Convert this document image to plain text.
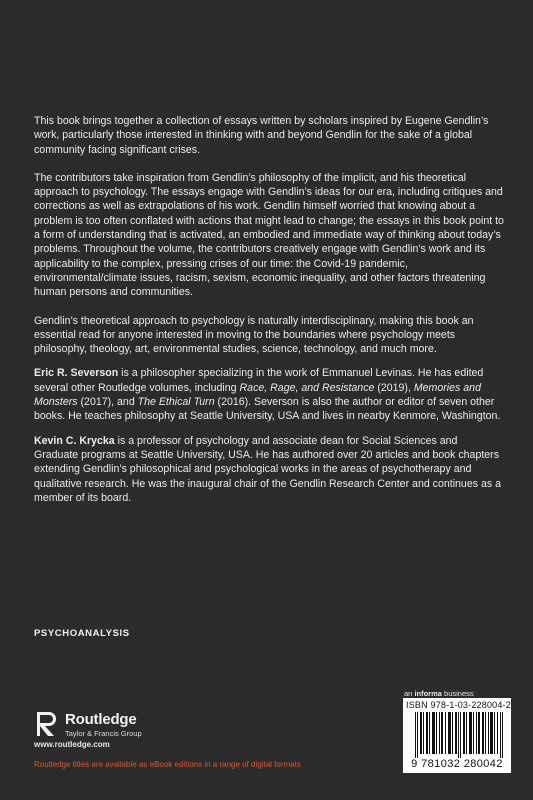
This book brings together a collection of essays written by scholars inspired by Eugene Gendlin’s work, particularly those interested in thinking with and beyond Gendlin for the sake of a global community facing significant crises.

The contributors take inspiration from Gendlin’s philosophy of the implicit, and his theoretical approach to psychology. The essays engage with Gendlin’s ideas for our era, including critiques and corrections as well as extrapolations of his work. Gendlin himself worried that knowing about a problem is too often conflated with actions that might lead to change; the essays in this book point to a form of understanding that is activated, an embodied and immediate way of thinking about today’s problems. Throughout the volume, the contributors creatively engage with Gendlin’s work and its applicability to the complex, pressing crises of our time: the Covid-19 pandemic, environmental/climate issues, racism, sexism, economic inequality, and other factors threatening human persons and communities.

Gendlin’s theoretical approach to psychology is naturally interdisciplinary, making this book an essential read for anyone interested in moving to the boundaries where psychology meets philosophy, theology, art, environmental studies, science, technology, and much more.

Eric R. Severson is a philosopher specializing in the work of Emmanuel Levinas. He has edited several other Routledge volumes, including Race, Rage, and Resistance (2019), Memories and Monsters (2017), and The Ethical Turn (2016). Severson is also the author or editor of seven other books. He teaches philosophy at Seattle University, USA and lives in nearby Kenmore, Washington.

Kevin C. Krycka is a professor of psychology and associate dean for Social Sciences and Graduate programs at Seattle University, USA. He has authored over 20 articles and book chapters extending Gendlin’s philosophical and psychological works in the areas of psychotherapy and qualitative research. He was the inaugural chair of the Gendlin Research Center and continues as a member of its board.

PSYCHOANALYSIS
an informa business
ISBN 978-1-03-228004-2
9 781032 280042
Routledge
Taylor & Francis Group
www.routledge.com
Routledge titles are available as eBook editions in a range of digital formats
